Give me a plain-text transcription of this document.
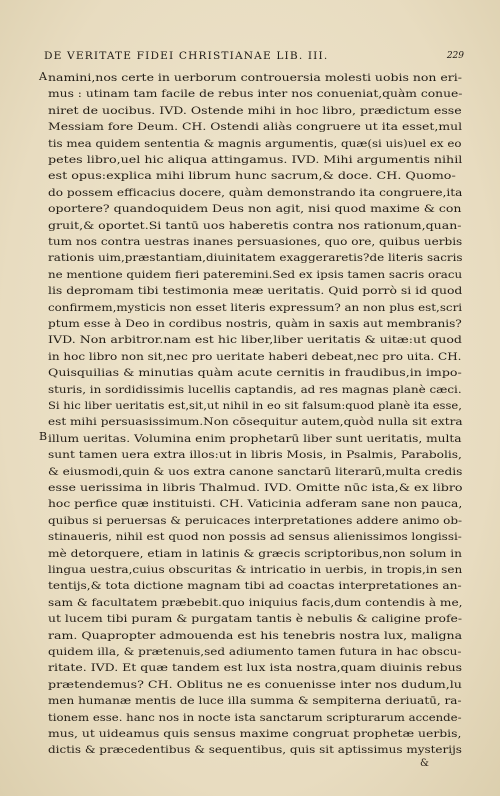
DE VERITATE FIDEI CHRISTIANAE LIB. III.	229
A
B
namini,nos certe in uerborum controuersia molesti uobis non eri-
mus : utinam tam facile de rebus inter nos conueniat,quàm conue-
niret de uocibus. IVD. Ostende mihi in hoc libro, prædictum esse
Messiam fore Deum. CH. Ostendi aliàs congruere ut ita esset,mul
tis mea quidem sententia & magnis argumentis, quæ(si uis)uel ex eo
petes libro,uel hic aliqua attingamus. IVD. Mihi argumentis nihil
est opus:explica mihi librum hunc sacrum,& doce. CH. Quomo-
do possem efficacius docere, quàm demonstrando ita congruere,ita
oportere? quandoquidem Deus non agit, nisi quod maxime & con
gruit,& oportet.Si tantū uos haberetis contra nos rationum,quan-
tum nos contra uestras inanes persuasiones, quo ore, quibus uerbis
rationis uim,præstantiam,diuinitatem exaggeraretis?de literis sacris
ne mentione quidem fieri pateremini.Sed ex ipsis tamen sacris oracu
lis depromam tibi testimonia meæ ueritatis. Quid porrò si id quod
confirmem,mysticis non esset literis expressum? an non plus est,scri
ptum esse à Deo in cordibus nostris, quàm in saxis aut membranis?
IVD. Non arbitror.nam est hic liber,liber ueritatis & uitæ:ut quod
in hoc libro non sit,nec pro ueritate haberi debeat,nec pro uita. CH.
Quisquilias & minutias quàm acute cernitis in fraudibus,in impo-
sturis, in sordidissimis lucellis captandis, ad res magnas planè cæci.
Si hic liber ueritatis est,sit,ut nihil in eo sit falsum:quod planè ita esse,
est mihi persuasissimum.Non cōsequitur autem,quòd nulla sit extra
illum ueritas. Volumina enim prophetarū liber sunt ueritatis, multa
sunt tamen uera extra illos:ut in libris Mosis, in Psalmis, Parabolis,
& eiusmodi,quin & uos extra canone sanctarū literarū,multa credis
esse uerissima in libris Thalmud. IVD. Omitte nūc ista,& ex libro
hoc perfice quæ instituisti. CH. Vaticinia adferam sane non pauca,
quibus si peruersas & peruicaces interpretationes addere animo ob-
stinaueris, nihil est quod non possis ad sensus alienissimos longissi-
mè detorquere, etiam in latinis & græcis scriptoribus,non solum in
lingua uestra,cuius obscuritas & intricatio in uerbis, in tropis,in sen
tentijs,& tota dictione magnam tibi ad coactas interpretationes an-
sam & facultatem præbebit.quo iniquius facis,dum contendis à me,
ut lucem tibi puram & purgatam tantis è nebulis & caligine profe-
ram. Quapropter admouenda est his tenebris nostra lux, maligna
quidem illa, & prætenuis,sed adiumento tamen futura in hac obscu-
ritate. IVD. Et quæ tandem est lux ista nostra,quam diuinis rebus
prætendemus? CH. Oblitus ne es conuenisse inter nos dudum,lu
men humanæ mentis de luce illa summa & sempiterna deriuatū, ra-
tionem esse. hanc nos in nocte ista sanctarum scripturarum accende-
mus, ut uideamus quis sensus maxime congruat prophetæ uerbis,
dictis & præcedentibus & sequentibus, quis sit aptissimus mysterijs
&
